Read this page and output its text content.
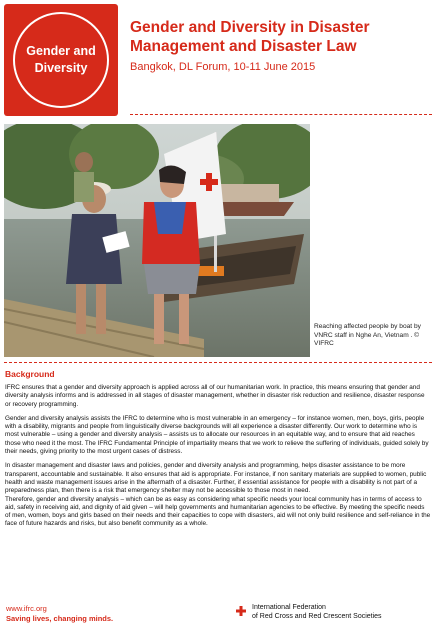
Gender and
Diversity
Gender and Diversity in Disaster Management and Disaster Law
Bangkok, DL Forum, 10-11 June 2015
Reaching affected people by boat by VNRC staff in Nghe An, Vietnam . © VIFRC
Background

IFRC ensures that a gender and diversity approach is applied across all of our humanitarian work. In practice, this means ensuring that gender and diversity analysis informs and is addressed in all stages of disaster management, whether in disaster risk reduction and resilience, disaster response or recovery programming.

Gender and diversity analysis assists the IFRC to determine who is most vulnerable in an emergency – for instance women, men, boys, girls, people with a disability, migrants and people from linguistically diverse backgrounds will all experience a disaster differently. Our work to determine who is most vulnerable – using a gender and diversity analysis – assists us to allocate our resources in an equitable way, and to ensure that aid reaches those who need it the most. The IFRC Fundamental Principle of impartiality means that we work to relieve the suffering of individuals, guided solely by their needs, giving priority to the most urgent cases of distress.

In disaster management and disaster laws and policies, gender and diversity analysis and programming, helps disaster assistance to be more transparent, accountable and sustainable. It also ensures that aid is appropriate. For instance, if non sanitary materials are supplied to women, public health and waste management issues arise in the aftermath of a disaster. Further, if essential assistance for people with a disability is not part of a preparedness plan, then there is a risk that emergency shelter may not be accessible to those most in need.

Therefore, gender and diversity analysis – which can be as easy as considering what specific needs your local community has in terms of access to aid, safety in receiving aid, and dignity of aid given – will help governments and humanitarian agencies to be effective. By meeting the specific needs of men, women, boys and girls based on their needs and their capacities to cope with disasters, aid will not only build resilience and self-reliance in the face of future hazards and risks, but also benefit community as a whole.

www.ifrc.org
Saving lives, changing minds.
International Federation
of Red Cross and Red Crescent Societies
